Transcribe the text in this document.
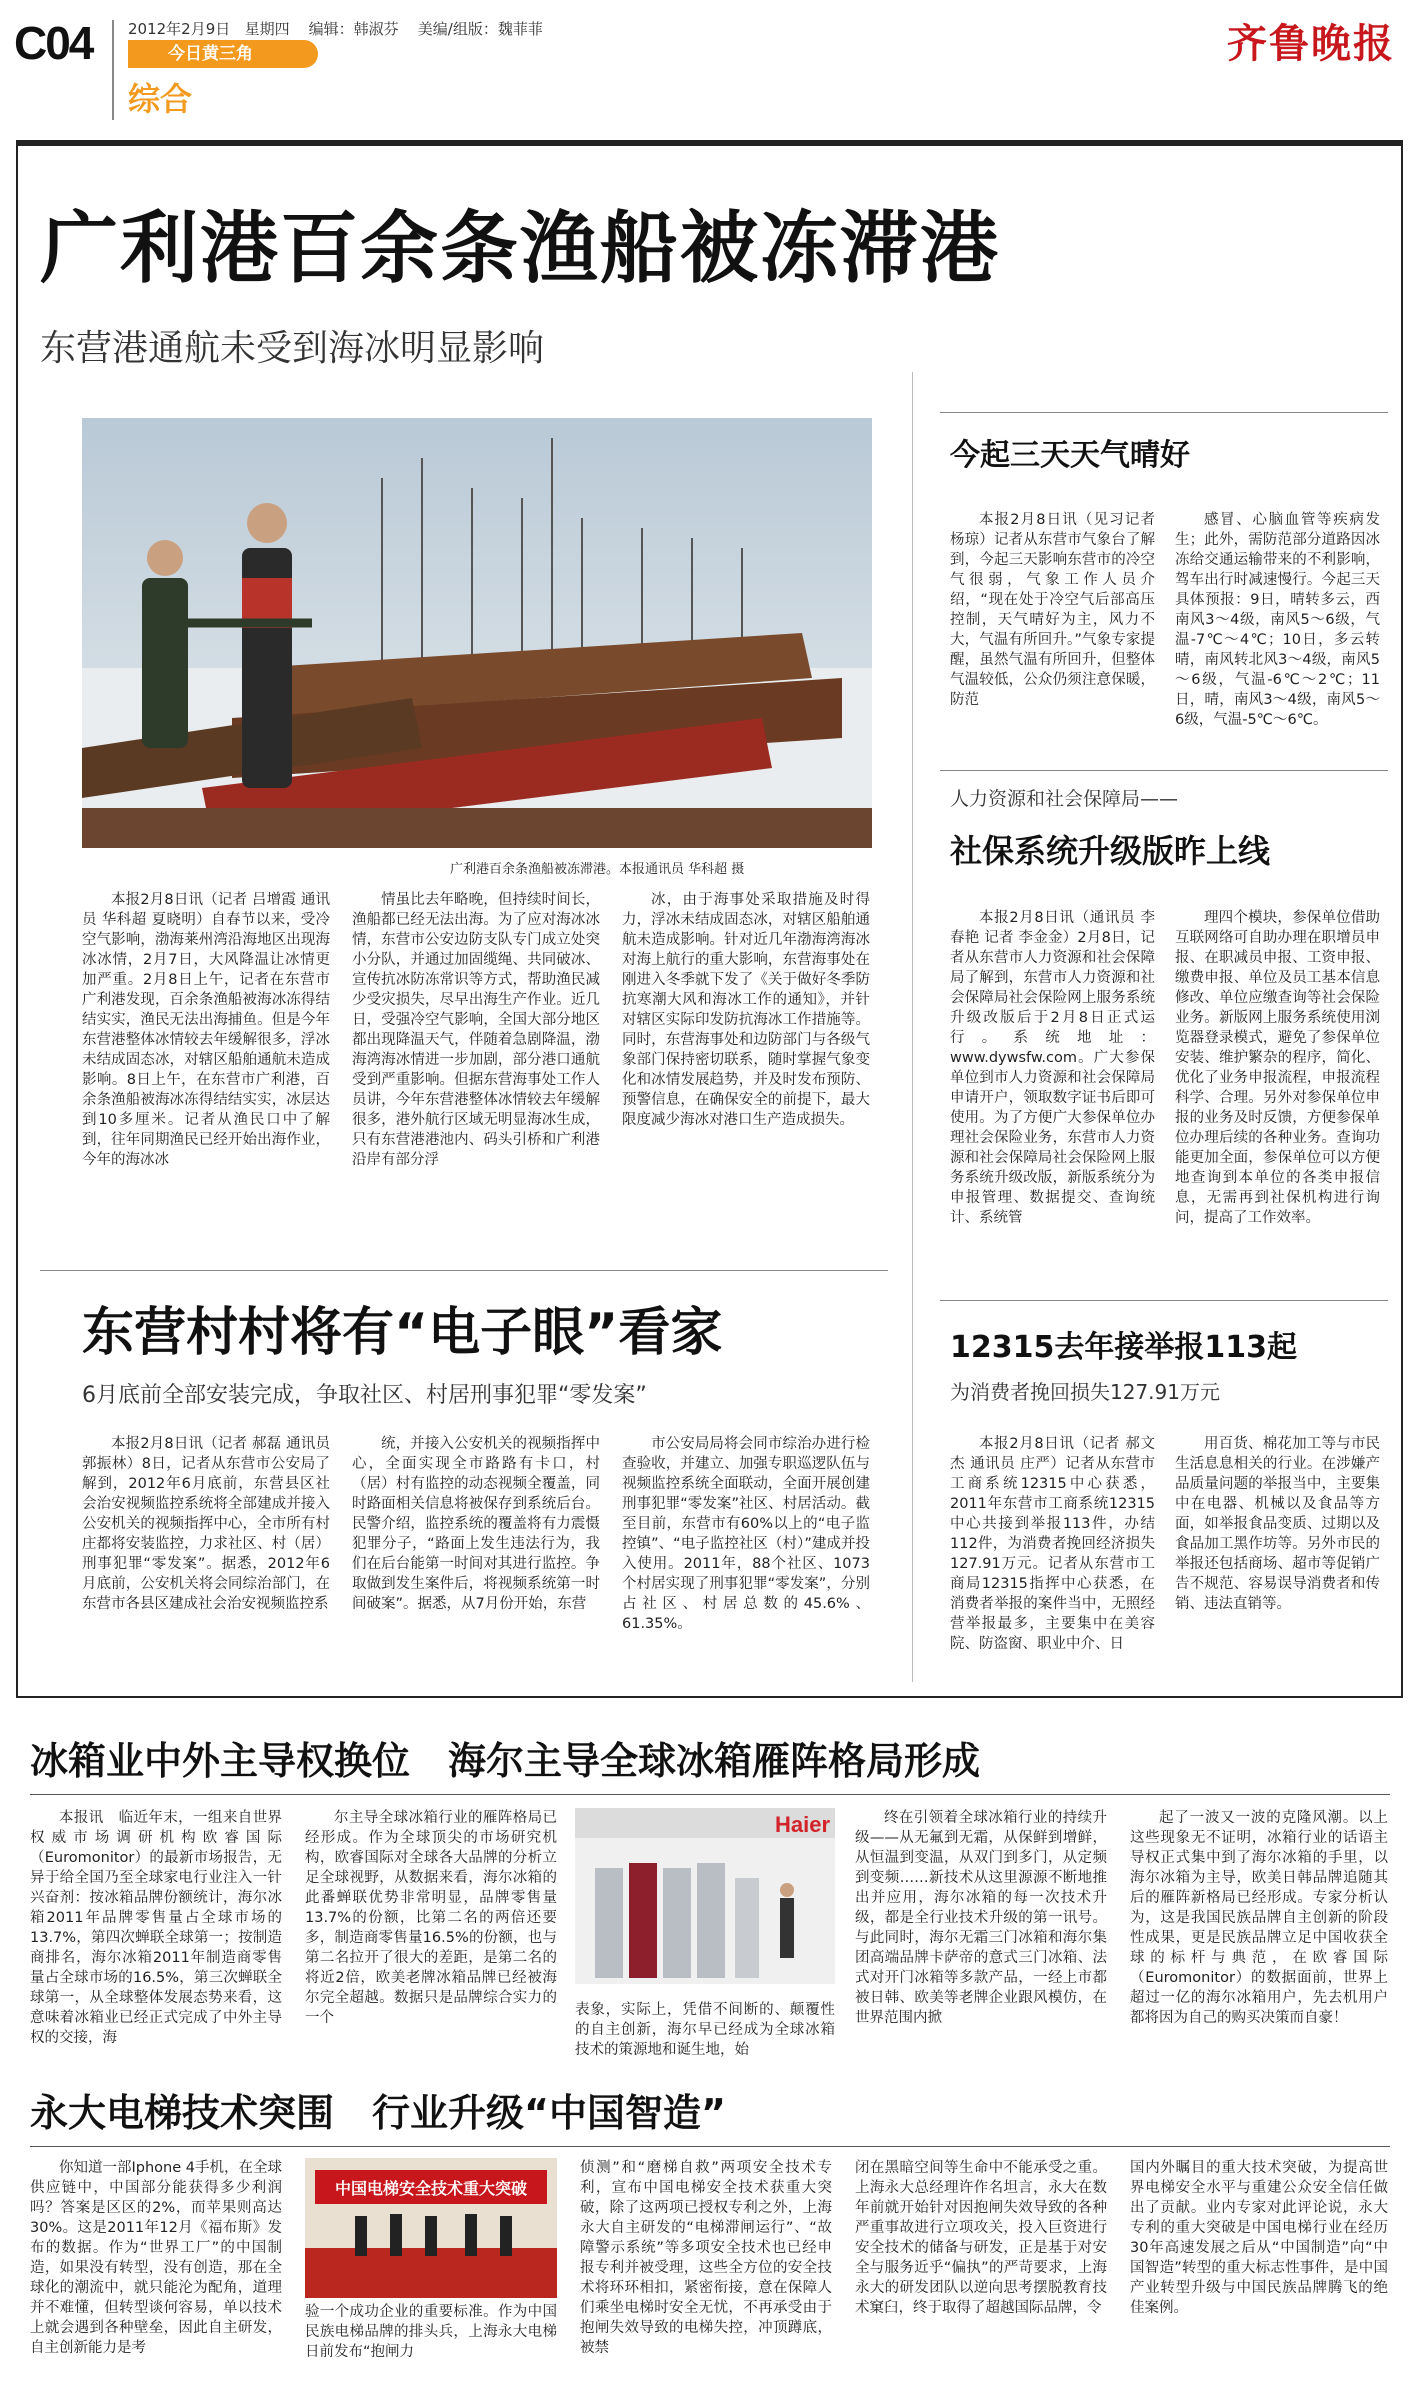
C04 2012年2月9日 星期四 编辑：韩淑芬 美编/组版：魏菲菲
今日黄三角
综合
齐鲁晚报
广利港百余条渔船被冻滞港
东营港通航未受到海冰明显影响
广利港百余条渔船被冻滞港。本报通讯员 华科超 摄
本报2月8日讯（记者 吕增霞 通讯员 华科超 夏晓明）自春节以来，受冷空气影响，渤海莱州湾沿海地区出现海冰冰情，2月7日，大风降温让冰情更加严重。2月8日上午，记者在东营市广利港发现，百余条渔船被海冰冻得结结实实，渔民无法出海捕鱼。但是今年东营港整体冰情较去年缓解很多，浮冰未结成固态冰，对辖区船舶通航未造成影响。8日上午，在东营市广利港，百余条渔船被海冰冻得结结实实，冰层达到10多厘米。记者从渔民口中了解到，往年同期渔民已经开始出海作业，今年的海冰冰
情虽比去年略晚，但持续时间长，渔船都已经无法出海。为了应对海冰冰情，东营市公安边防支队专门成立处突小分队，并通过加固缆绳、共同破冰、宣传抗冰防冻常识等方式，帮助渔民减少受灾损失，尽早出海生产作业。近几日，受强冷空气影响，全国大部分地区都出现降温天气，伴随着急剧降温，渤海湾海冰情进一步加剧，部分港口通航受到严重影响。但据东营海事处工作人员讲，今年东营港整体冰情较去年缓解很多，港外航行区域无明显海冰生成，只有东营港港池内、码头引桥和广利港沿岸有部分浮
冰，由于海事处采取措施及时得力，浮冰未结成固态冰，对辖区船舶通航未造成影响。针对近几年渤海湾海冰对海上航行的重大影响，东营海事处在刚进入冬季就下发了《关于做好冬季防抗寒潮大风和海冰工作的通知》，并针对辖区实际印发防抗海冰工作措施等。同时，东营海事处和边防部门与各级气象部门保持密切联系，随时掌握气象变化和冰情发展趋势，并及时发布预防、预警信息，在确保安全的前提下，最大限度减少海冰对港口生产造成损失。
今起三天天气晴好
本报2月8日讯（见习记者 杨琼）记者从东营市气象台了解到，今起三天影响东营市的冷空气很弱，气象工作人员介绍，“现在处于冷空气后部高压控制，天气晴好为主，风力不大，气温有所回升。”气象专家提醒，虽然气温有所回升，但整体气温较低，公众仍须注意保暖，防范
感冒、心脑血管等疾病发生；此外，需防范部分道路因冰冻给交通运输带来的不利影响，驾车出行时减速慢行。今起三天具体预报：9日，晴转多云，西南风3～4级，南风5～6级，气温-7℃～4℃；10日，多云转晴，南风转北风3～4级，南风5～6级，气温-6℃～2℃；11日，晴，南风3～4级，南风5～6级，气温-5℃～6℃。
人力资源和社会保障局——
社保系统升级版昨上线
本报2月8日讯（通讯员 李春艳 记者 李金金）2月8日，记者从东营市人力资源和社会保障局了解到，东营市人力资源和社会保障局社会保险网上服务系统升级改版后于2月8日正式运行。系统地址：www.dywsfw.com。广大参保单位到市人力资源和社会保障局申请开户，领取数字证书后即可使用。为了方便广大参保单位办理社会保险业务，东营市人力资源和社会保障局社会保险网上服务系统升级改版，新版系统分为申报管理、数据提交、查询统计、系统管
理四个模块，参保单位借助互联网络可自助办理在职增员申报、在职减员申报、工资申报、缴费申报、单位及员工基本信息修改、单位应缴查询等社会保险业务。新版网上服务系统使用浏览器登录模式，避免了参保单位安装、维护繁杂的程序，简化、优化了业务申报流程，申报流程科学、合理。另外对参保单位申报的业务及时反馈，方便参保单位办理后续的各种业务。查询功能更加全面，参保单位可以方便地查询到本单位的各类申报信息，无需再到社保机构进行询问，提高了工作效率。
12315去年接举报113起
为消费者挽回损失127.91万元
本报2月8日讯（记者 郝文杰 通讯员 庄严）记者从东营市工商系统12315中心获悉，2011年东营市工商系统12315中心共接到举报113件，办结112件，为消费者挽回经济损失127.91万元。记者从东营市工商局12315指挥中心获悉，在消费者举报的案件当中，无照经营举报最多，主要集中在美容院、防盗窗、职业中介、日
用百货、棉花加工等与市民生活息息相关的行业。在涉嫌产品质量问题的举报当中，主要集中在电器、机械以及食品等方面，如举报食品变质、过期以及食品加工黑作坊等。另外市民的举报还包括商场、超市等促销广告不规范、容易误导消费者和传销、违法直销等。
东营村村将有“电子眼”看家
6月底前全部安装完成，争取社区、村居刑事犯罪“零发案”
本报2月8日讯（记者 郝磊 通讯员 郭振林）8日，记者从东营市公安局了解到，2012年6月底前，东营县区社会治安视频监控系统将全部建成并接入公安机关的视频指挥中心，全市所有村庄都将安装监控，力求社区、村（居）刑事犯罪“零发案”。据悉，2012年6月底前，公安机关将会同综治部门，在东营市各县区建成社会治安视频监控系
统，并接入公安机关的视频指挥中心，全面实现全市路路有卡口，村（居）村有监控的动态视频全覆盖，同时路面相关信息将被保存到系统后台。民警介绍，监控系统的覆盖将有力震慑犯罪分子，“路面上发生违法行为，我们在后台能第一时间对其进行监控。争取做到发生案件后，将视频系统第一时间破案”。据悉，从7月份开始，东营
市公安局局将会同市综治办进行检查验收，并建立、加强专职巡逻队伍与视频监控系统全面联动，全面开展创建刑事犯罪“零发案”社区、村居活动。截至目前，东营市有60%以上的“电子监控镇”、“电子监控社区（村）”建成并投入使用。2011年，88个社区、1073个村居实现了刑事犯罪“零发案”，分别占社区、村居总数的45.6%、61.35%。
冰箱业中外主导权换位　海尔主导全球冰箱雁阵格局形成
本报讯　临近年末，一组来自世界权威市场调研机构欧睿国际（Euromonitor）的最新市场报告，无异于给全国乃至全球家电行业注入一针兴奋剂：按冰箱品牌份额统计，海尔冰箱2011年品牌零售量占全球市场的13.7%，第四次蝉联全球第一；按制造商排名，海尔冰箱2011年制造商零售量占全球市场的16.5%，第三次蝉联全球第一，从全球整体发展态势来看，这意味着冰箱业已经正式完成了中外主导权的交接，海
尔主导全球冰箱行业的雁阵格局已经形成。作为全球顶尖的市场研究机构，欧睿国际对全球各大品牌的分析立足全球视野，从数据来看，海尔冰箱的此番蝉联优势非常明显，品牌零售量13.7%的份额，比第二名的两倍还要多，制造商零售量16.5%的份额，也与第二名拉开了很大的差距，是第二名的将近2倍，欧美老牌冰箱品牌已经被海尔完全超越。数据只是品牌综合实力的一个
Haier
表象，实际上，凭借不间断的、颠覆性的自主创新，海尔早已经成为全球冰箱技术的策源地和诞生地，始
终在引领着全球冰箱行业的持续升级——从无氟到无霜，从保鲜到增鲜，从恒温到变温，从双门到多门，从定频到变频……新技术从这里源源不断地推出并应用，海尔冰箱的每一次技术升级，都是全行业技术升级的第一讯号。与此同时，海尔无霜三门冰箱和海尔集团高端品牌卡萨帝的意式三门冰箱、法式对开门冰箱等多款产品，一经上市都被日韩、欧美等老牌企业跟风模仿，在世界范围内掀
起了一波又一波的克隆风潮。以上这些现象无不证明，冰箱行业的话语主导权正式集中到了海尔冰箱的手里，以海尔冰箱为主导，欧美日韩品牌追随其后的雁阵新格局已经形成。专家分析认为，这是我国民族品牌自主创新的阶段性成果，更是民族品牌立足中国收获全球的标杆与典范，在欧睿国际（Euromonitor）的数据面前，世界上超过一亿的海尔冰箱用户，先去机用户都将因为自己的购买决策而自豪！
永大电梯技术突围　行业升级“中国智造”
你知道一部Iphone 4手机，在全球供应链中，中国部分能获得多少利润吗？答案是区区的2%，而苹果则高达30%。这是2011年12月《福布斯》发布的数据。作为“世界工厂”的中国制造，如果没有转型，没有创造，那在全球化的潮流中，就只能沦为配角，道理并不难懂，但转型谈何容易，单以技术上就会遇到各种壁垒，因此自主研发，自主创新能力是考
中国电梯安全技术重大突破
验一个成功企业的重要标准。作为中国民族电梯品牌的排头兵，上海永大电梯日前发布“抱闸力
侦测”和“磨梯自救”两项安全技术专利，宣布中国电梯安全技术获重大突破，除了这两项已授权专利之外，上海永大自主研发的“电梯滞闸运行”、“故障警示系统”等多项安全技术也已经申报专利并被受理，这些全方位的安全技术将环环相扣，紧密衔接，意在保障人们乘坐电梯时安全无忧，不再承受由于抱闸失效导致的电梯失控，冲顶蹲底，被禁
闭在黑暗空间等生命中不能承受之重。上海永大总经理许作名坦言，永大在数年前就开始针对因抱闸失效导致的各种严重事故进行立项攻关，投入巨资进行安全技术的储备与研发，正是基于对安全与服务近乎“偏执”的严苛要求，上海永大的研发团队以逆向思考摆脱教育技术窠臼，终于取得了超越国际品牌，令
国内外瞩目的重大技术突破，为提高世界电梯安全水平与重建公众安全信任做出了贡献。业内专家对此评论说，永大专利的重大突破是中国电梯行业在经历30年高速发展之后从“中国制造”向“中国智造”转型的重大标志性事件，是中国产业转型升级与中国民族品牌腾飞的绝佳案例。
